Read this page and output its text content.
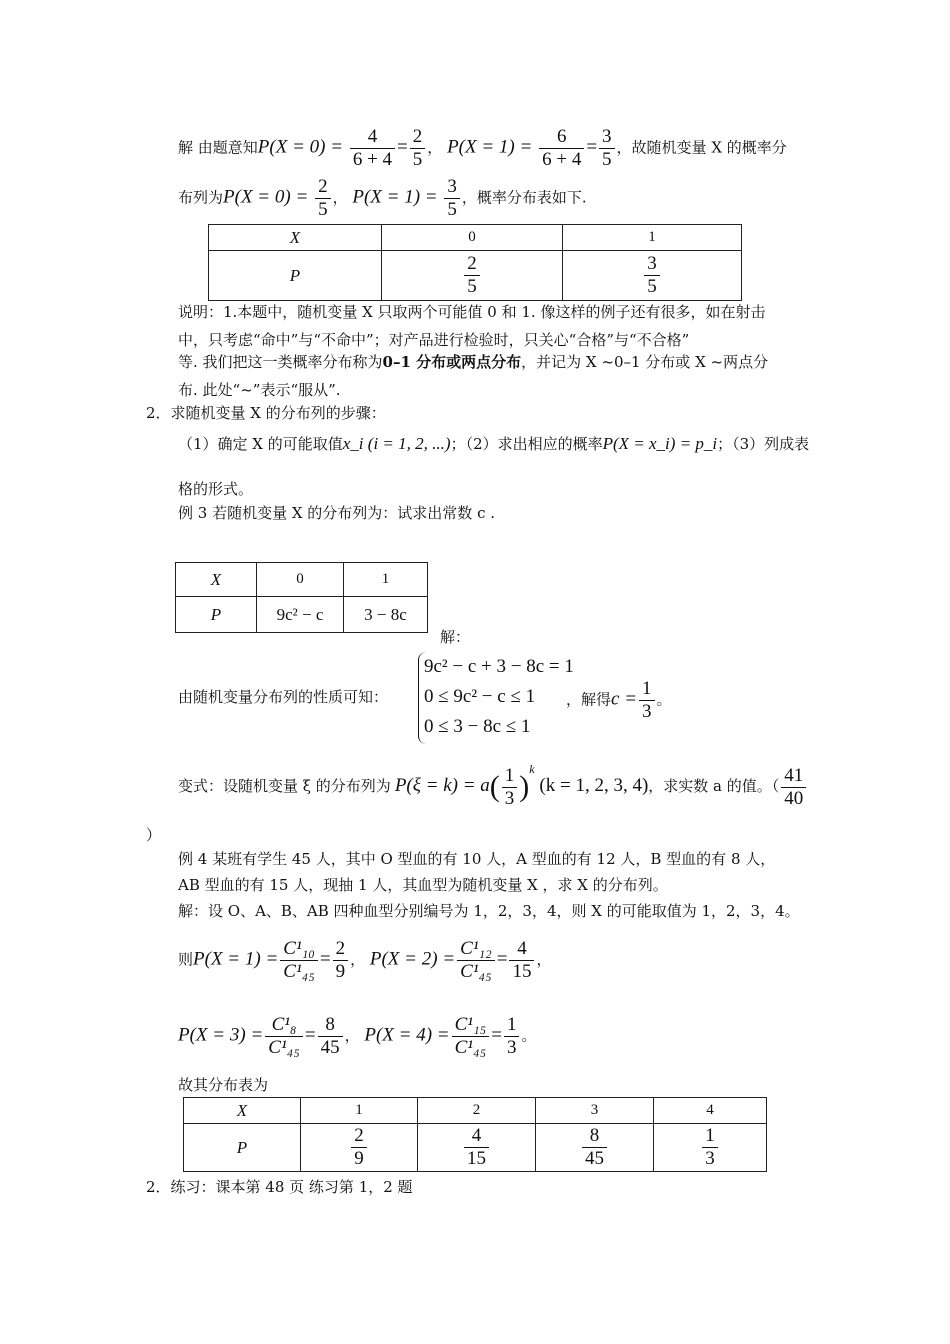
解 由题意知$P(X = 0) = \frac{4}{6 + 4} = \frac{2}{5}$ ， $P(X = 1) = \frac{6}{6 + 4} = \frac{3}{5}$ ，故随机变量 X 的概率分
布列为$P(X = 0) = \frac{2}{5}$ ， $P(X = 1) = \frac{3}{5}$ ，概率分布表如下.
X	0	1
P	$\frac{2}{5}$	$\frac{3}{5}$
说明：1.本题中，随机变量 X 只取两个可能值 0 和 1. 像这样的例子还有很多，如在射击
中，只考虑“命中”与“不命中”；对产品进行检验时，只关心“合格”与“不合格”
等. 我们把这一类概率分布称为0–1 分布或两点分布，并记为 X ~0–1 分布或 X ~两点分
布. 此处“~”表示“服从”.
2．求随机变量 X 的分布列的步骤：
（1）确定 X 的可能取值x_i (i = 1, 2, ...)；（2）求出相应的概率P(X = x_i) = p_i；（3）列成表
格的形式。
例 3 若随机变量 X 的分布列为：试求出常数 c .
X	0	1
P	9c² − c	3 − 8c
解：
由随机变量分布列的性质可知：
9c² − c + 3 − 8c = 1
0 ≤ 9c² − c ≤ 1
0 ≤ 3 − 8c ≤ 1
，解得$c = \frac{1}{3}$ 。
变式：设随机变量 ξ 的分布列为 $P(\xi = k) = a( \frac{1}{3} )^k$ (k = 1, 2, 3, 4)，求实数 a 的值。（ $\frac{41}{40}$
）
例 4 某班有学生 45 人，其中 O 型血的有 10 人，A 型血的有 12 人，B 型血的有 8 人，
AB 型血的有 15 人，现抽 1 人，其血型为随机变量 X ，求 X 的分布列。
解：设 O、A、B、AB 四种血型分别编号为 1，2，3，4，则 X 的可能取值为 1，2，3，4。
则$P(X = 1) = \frac{\text{C¹₁₀}}{\text{C¹₄₅}} = \frac{2}{9}$ ， $P(X = 2) = \frac{\text{C¹₁₂}}{\text{C¹₄₅}} = \frac{4}{15}$ ，
$P(X = 3) = \frac{\text{C¹₈}}{\text{C¹₄₅}} = \frac{8}{45}$ ， $P(X = 4) = \frac{\text{C¹₁₅}}{\text{C¹₄₅}} = \frac{1}{3}$ 。
故其分布表为
X	1	2	3	4
P	$\frac{2}{9}$	$\frac{4}{15}$	$\frac{8}{45}$	$\frac{1}{3}$
2．练习：课本第 48 页 练习第 1，2 题
